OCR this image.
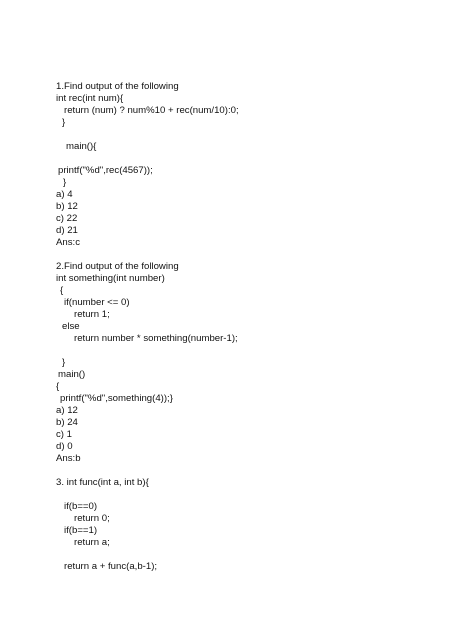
1.Find output of the following
int rec(int num){
return (num) ? num%10 + rec(num/10):0;
}
main(){
printf("%d",rec(4567));
}
a) 4
b) 12
c) 22
d) 21
Ans:c
2.Find output of the following
int something(int number)
{
if(number <= 0)
return 1;
else
return number * something(number-1);
}
main()
{
printf("%d",something(4));}
a) 12
b) 24
c) 1
d) 0
Ans:b
3. int func(int a, int b){
if(b==0)
return 0;
if(b==1)
return a;
return a + func(a,b-1);
